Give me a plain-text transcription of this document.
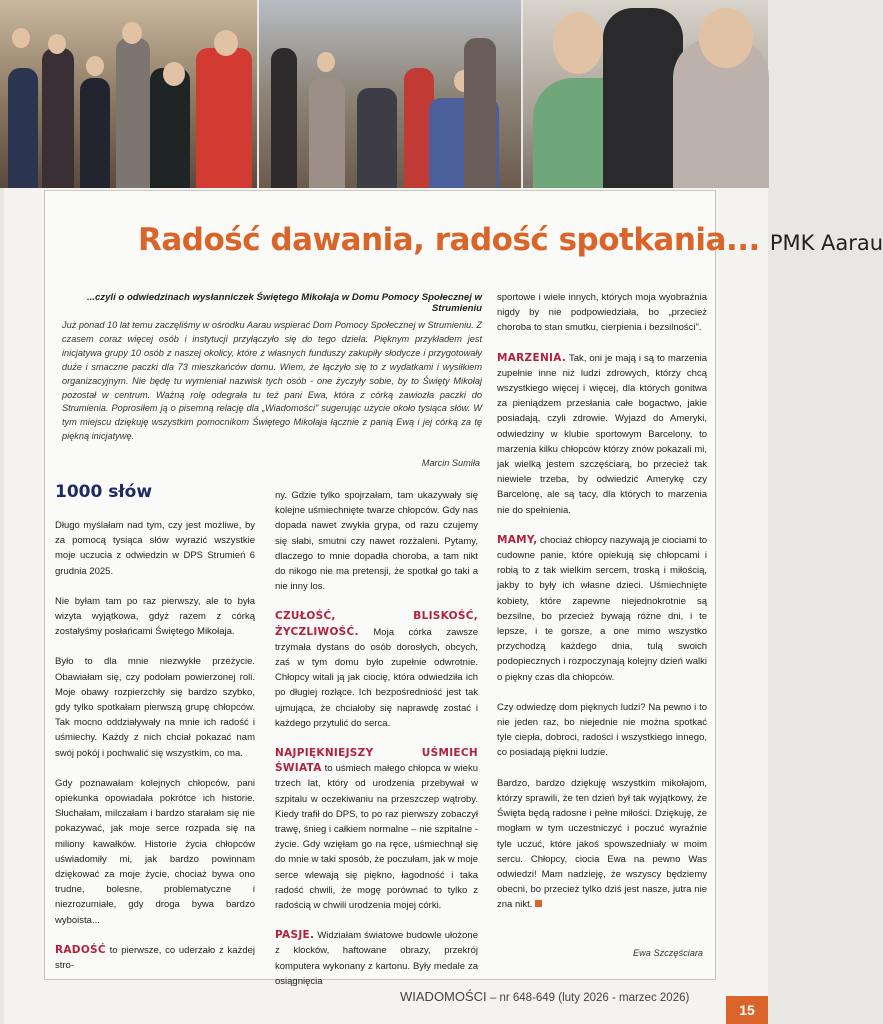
Radość dawania, radość spotkania... PMK Aarau
...czyli o odwiedzinach wysłanniczek Świętego Mikołaja w Domu Pomocy Społecznej w Strumieniu
Już ponad 10 lat temu zaczęliśmy w ośrodku Aarau wspierać Dom Pomocy Społecznej w Strumieniu. Z czasem coraz więcej osób i instytucji przyłączyło się do tego dzieła. Pięknym przykładem jest inicjatywa grupy 10 osób z naszej okolicy, które z własnych funduszy zakupiły słodycze i przygotowały duże i smaczne paczki dla 73 mieszkańców domu. Wiem, że łączyło się to z wydatkami i wysiłkiem organizacyjnym. Nie będę tu wymieniał nazwisk tych osób - one życzyły sobie, by to Święty Mikołaj pozostał w centrum. Ważną rolę odegrała tu też pani Ewa, która z córką zawiozła paczki do Strumienia. Poprosiłem ją o pisemną relację dla „Wiadomości" sugerując użycie około tysiąca słów. W tym miejscu dziękuję wszystkim pomocnikom Świętego Mikołaja łącznie z panią Ewą i jej córką za tę piękną inicjatywę.
Marcin Sumiła
1000 słów

Długo myślałam nad tym, czy jest możliwe, by za pomocą tysiąca słów wyrazić wszystkie moje uczucia z odwiedzin w DPS Strumień 6 grudnia 2025.

Nie byłam tam po raz pierwszy, ale to była wizyta wyjątkowa, gdyż razem z córką zostałyśmy posłańcami Świętego Mikołaja.

Było to dla mnie niezwykłe przeżycie. Obawiałam się, czy podołam powierzonej roli. Moje obawy rozpierzchły się bardzo szybko, gdy tylko spotkałam pierwszą grupę chłopców. Tak mocno oddziaływały na mnie ich radość i uśmiechy. Każdy z nich chciał pokazać nam swój pokój i pochwalić się wszystkim, co ma.

Gdy poznawałam kolejnych chłopców, pani opiekunka opowiadała pokrótce ich historie. Słuchałam, milczałam i bardzo starałam się nie pokazywać, jak moje serce rozpada się na miliony kawałków. Historie życia chłopców uświadomiły mi, jak bardzo powinnam dziękować za moje życie, chociaż bywa ono trudne, bolesne, problematyczne i niezrozumiałe, gdy droga bywa bardzo wyboista...

RADOŚĆ to pierwsze, co uderzało z każdej stro-

ny. Gdzie tylko spojrzałam, tam ukazywały się kolejne uśmiechnięte twarze chłopców. Gdy nas dopada nawet zwykła grypa, od razu czujemy się słabi, smutni czy nawet rozżaleni. Pytamy, dlaczego to mnie dopadła choroba, a tam nikt do nikogo nie ma pretensji, że spotkał go taki a nie inny los.

CZUŁOŚĆ, BLISKOŚĆ, ŻYCZLIWOŚĆ. Moja córka zawsze trzymała dystans do osób dorosłych, obcych, zaś w tym domu było zupełnie odwrotnie. Chłopcy witali ją jak ciocię, która odwiedziła ich po długiej rozłące. Ich bezpośredniość jest tak ujmująca, że chciałoby się naprawdę zostać i każdego przytulić do serca.

NAJPIĘKNIEJSZY UŚMIECH ŚWIATA to uśmiech małego chłopca w wieku trzech lat, który od urodzenia przebywał w szpitalu w oczekiwaniu na przeszczep wątroby. Kiedy trafił do DPS, to po raz pierwszy zobaczył trawę, śnieg i całkiem normalne – nie szpitalne - życie. Gdy wzięłam go na ręce, uśmiechnął się do mnie w taki sposób, że poczułam, jak w moje serce wlewają się piękno, łagodność i taka radość chwili, że mogę porównać to tylko z radością w chwili urodzenia mojej córki.

PASJE. Widziałam światowe budowle ułożone z klocków, haftowane obrazy, przekrój komputera wykonany z kartonu. Były medale za osiągnięcia

sportowe i wiele innych, których moja wyobraźnia nigdy by nie podpowiedziała, bo „przecież choroba to stan smutku, cierpienia i bezsilności".

MARZENIA. Tak, oni je mają i są to marzenia zupełnie inne niż ludzi zdrowych, którzy chcą wszystkiego więcej i więcej, dla których gonitwa za pieniądzem przesłania całe bogactwo, jakie posiadają, czyli zdrowie. Wyjazd do Ameryki, odwiedziny w klubie sportowym Barcelony, to marzenia kilku chłopców którzy znów pokazali mi, jak wielką jestem szczęściarą, bo przecież tak niewiele trzeba, by odwiedzić Amerykę czy Barcelonę, ale są tacy, dla których to marzenia nie do spełnienia.

MAMY, chociaż chłopcy nazywają je ciociami to cudowne panie, które opiekują się chłopcami i robią to z tak wielkim sercem, troską i miłością, jakby to były ich własne dzieci. Uśmiechnięte kobiety, które zapewne niejednokrotnie są bezsilne, bo przecież bywają różne dni, i te lepsze, i te gorsze, a one mimo wszystko przychodzą każdego dnia, tulą swoich podopiecznych i rozpoczynają kolejny dzień walki o piękny czas dla chłopców.

Czy odwiedzę dom pięknych ludzi? Na pewno i to nie jeden raz, bo niejednie nie można spotkać tyle ciepła, dobroci, radości i wszystkiego innego, co posiadają piękni ludzie.

Bardzo, bardzo dziękuję wszystkim mikołajom, którzy sprawili, że ten dzień był tak wyjątkowy, że Święta będą radosne i pełne miłości. Dziękuję, że mogłam w tym uczestniczyć i poczuć wyraźnie tyle uczuć, które jakoś spowszedniały w moim sercu. Chłopcy, ciocia Ewa na pewno Was odwiedzi! Mam nadzieję, że wszyscy będziemy obecni, bo przecież tylko dziś jest nasze, jutra nie zna nikt.

Ewa Szczęściara
WIADOMOŚCI – nr 648-649 (luty 2026 - marzec 2026)
15
